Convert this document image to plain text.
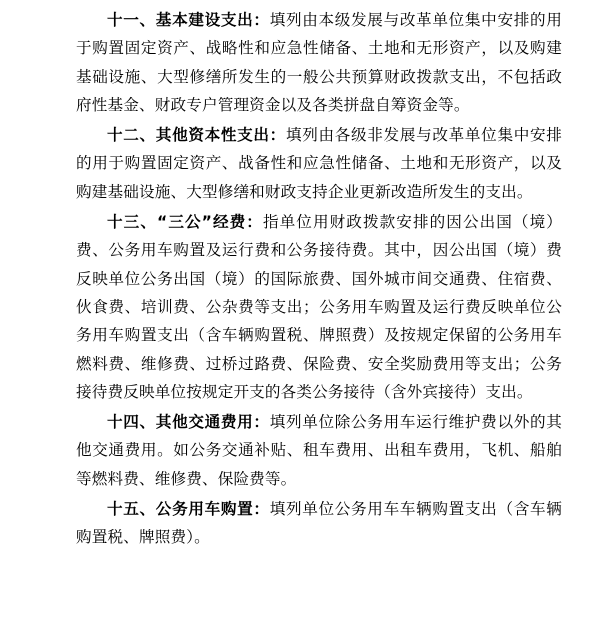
十一、基本建设支出：填列由本级发展与改革单位集中安排的用于购置固定资产、战略性和应急性储备、土地和无形资产，以及购建基础设施、大型修缮所发生的一般公共预算财政拨款支出，不包括政府性基金、财政专户管理资金以及各类拼盘自筹资金等。

十二、其他资本性支出：填列由各级非发展与改革单位集中安排的用于购置固定资产、战备性和应急性储备、土地和无形资产，以及购建基础设施、大型修缮和财政支持企业更新改造所发生的支出。

十三、“三公”经费：指单位用财政拨款安排的因公出国（境）费、公务用车购置及运行费和公务接待费。其中，因公出国（境）费反映单位公务出国（境）的国际旅费、国外城市间交通费、住宿费、伙食费、培训费、公杂费等支出；公务用车购置及运行费反映单位公务用车购置支出（含车辆购置税、牌照费）及按规定保留的公务用车燃料费、维修费、过桥过路费、保险费、安全奖励费用等支出；公务接待费反映单位按规定开支的各类公务接待（含外宾接待）支出。

十四、其他交通费用：填列单位除公务用车运行维护费以外的其他交通费用。如公务交通补贴、租车费用、出租车费用，飞机、船舶等燃料费、维修费、保险费等。

十五、公务用车购置：填列单位公务用车车辆购置支出（含车辆购置税、牌照费）。
